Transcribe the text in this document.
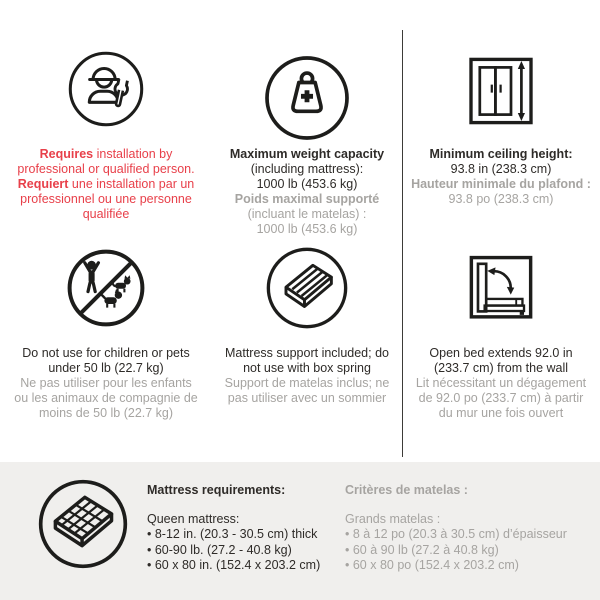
Requires installation by
professional or qualified person.
Requiert une installation par un
professionnel ou une personne
qualifiée

Maximum weight capacity
(including mattress):
1000 lb (453.6 kg)
Poids maximal supporté
(incluant le matelas) :
1000 lb (453.6 kg)

Minimum ceiling height:
93.8 in (238.3 cm)
Hauteur minimale du plafond :
93.8 po (238.3 cm)

Do not use for children or pets
under 50 lb (22.7 kg)
Ne pas utiliser pour les enfants
ou les animaux de compagnie de
moins de 50 lb (22.7 kg)

Mattress support included; do
not use with box spring
Support de matelas inclus; ne
pas utiliser avec un sommier

Open bed extends 92.0 in
(233.7 cm) from the wall
Lit nécessitant un dégagement
de 92.0 po (233.7 cm) à partir
du mur une fois ouvert

Mattress requirements:

Queen mattress:

• 8-12 in. (20.3 - 30.5 cm) thick
• 60-90 lb. (27.2 - 40.8 kg)
• 60 x 80 in. (152.4 x 203.2 cm)

Critères de matelas :

Grands matelas :

• 8 à 12 po (20.3 à 30.5 cm) d’épaisseur
• 60 à 90 lb (27.2 à 40.8 kg)
• 60 x 80 po (152.4 x 203.2 cm)
